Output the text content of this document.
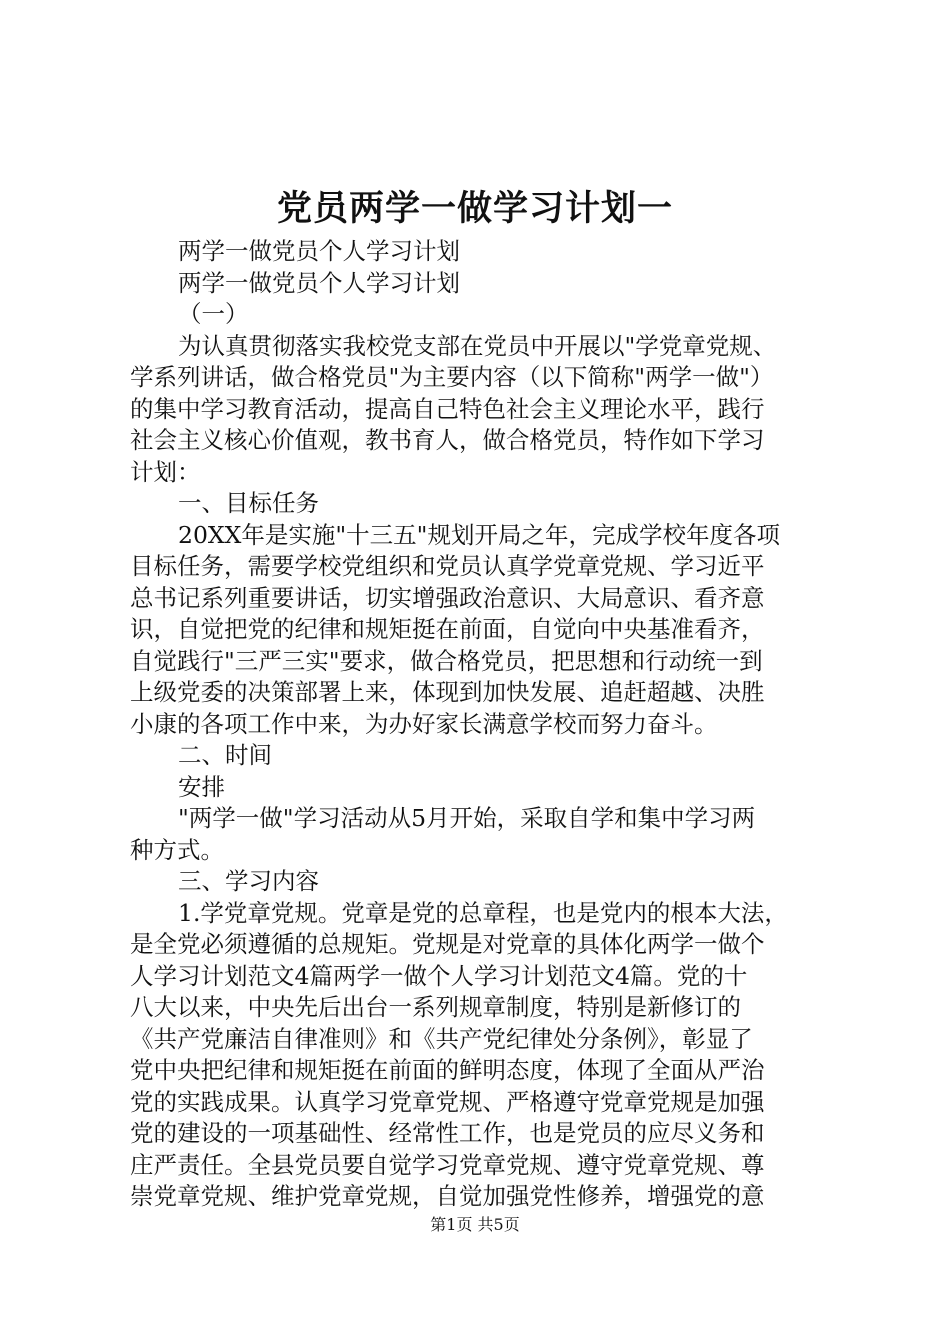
党员两学一做学习计划一

两学一做党员个人学习计划

两学一做党员个人学习计划

（一）

为认真贯彻落实我校党支部在党员中开展以"学党章党规、

学系列讲话，做合格党员"为主要内容（以下简称"两学一做"）

的集中学习教育活动，提高自己特色社会主义理论水平，践行

社会主义核心价值观，教书育人，做合格党员，特作如下学习

计划：

一、目标任务

20XX年是实施"十三五"规划开局之年，完成学校年度各项

目标任务，需要学校党组织和党员认真学党章党规、学习近平

总书记系列重要讲话，切实增强政治意识、大局意识、看齐意

识，自觉把党的纪律和规矩挺在前面，自觉向中央基准看齐，

自觉践行"三严三实"要求，做合格党员，把思想和行动统一到

上级党委的决策部署上来，体现到加快发展、追赶超越、决胜

小康的各项工作中来，为办好家长满意学校而努力奋斗。

二、时间

安排

"两学一做"学习活动从5月开始，采取自学和集中学习两

种方式。

三、学习内容

1.学党章党规。党章是党的总章程，也是党内的根本大法，

是全党必须遵循的总规矩。党规是对党章的具体化两学一做个

人学习计划范文4篇两学一做个人学习计划范文4篇。党的十

八大以来，中央先后出台一系列规章制度，特别是新修订的

《共产党廉洁自律准则》和《共产党纪律处分条例》，彰显了

党中央把纪律和规矩挺在前面的鲜明态度，体现了全面从严治

党的实践成果。认真学习党章党规、严格遵守党章党规是加强

党的建设的一项基础性、经常性工作，也是党员的应尽义务和

庄严责任。全县党员要自觉学习党章党规、遵守党章党规、尊

崇党章党规、维护党章党规，自觉加强党性修养，增强党的意

第1页 共5页
